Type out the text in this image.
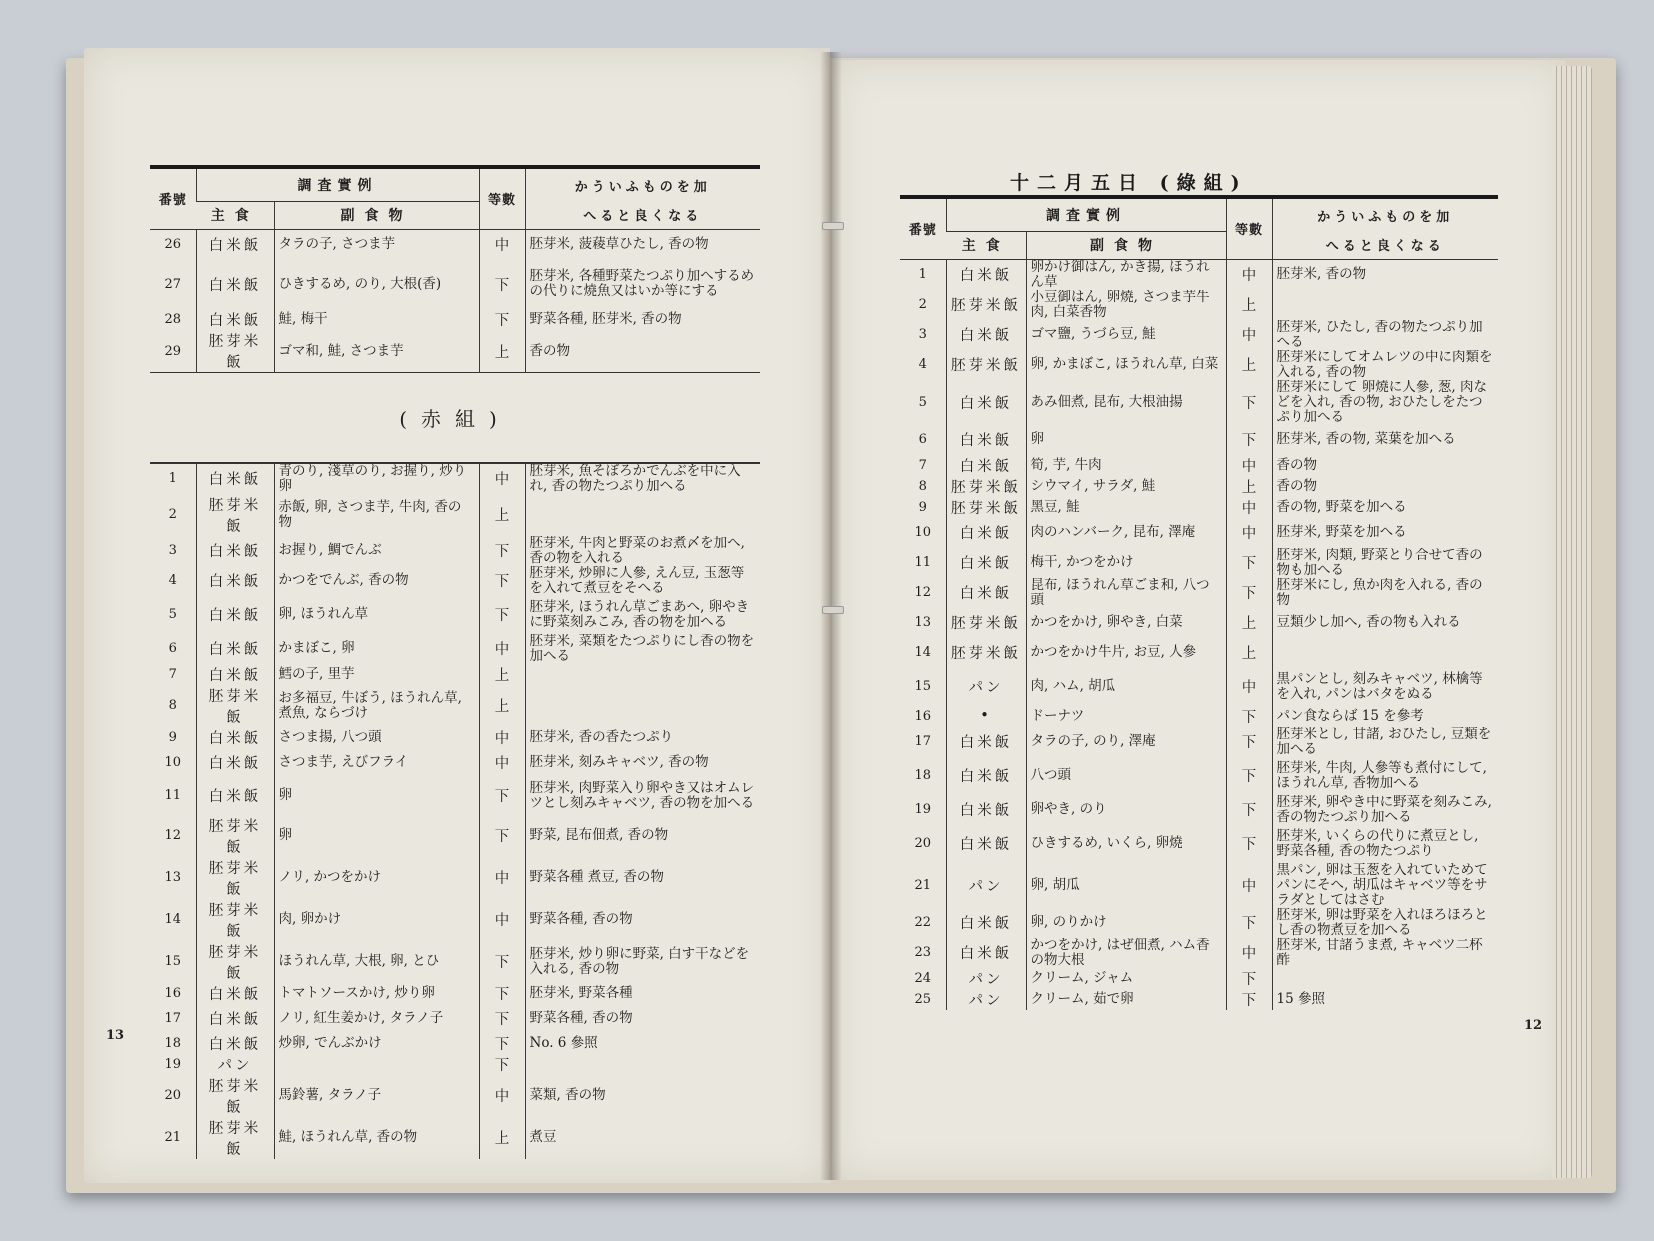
番號	調査實例		等數	かういふものを加
	主食	副食物		へると良くなる
26	白米飯	タラの子, さつま芋	中	胚芽米, 菠薐草ひたし, 香の物
27	白米飯	ひきするめ, のり, 大根(香)	下	胚芽米, 各種野菜たつぷり加へするめの代りに燒魚又はいか等にする
28	白米飯	鮭, 梅干	下	野菜各種, 胚芽米, 香の物
29	胚芽米飯	ゴマ和, 鮭, さつま芋	上	香の物
(赤組)				
1	白米飯	青のり, 淺草のり, お握り, 炒り卵	中	胚芽米, 魚そぼろかでんぶを中に入れ, 香の物たつぷり加へる
2	胚芽米飯	赤飯, 卵, さつま芋, 牛肉, 香の物	上	
3	白米飯	お握り, 鯛でんぶ	下	胚芽米, 牛肉と野菜のお煮〆を加へ, 香の物を入れる
4	白米飯	かつをでんぶ, 香の物	下	胚芽米, 炒卵に人參, えん豆, 玉葱等を入れて煮豆をそへる
5	白米飯	卵, ほうれん草	下	胚芽米, ほうれん草ごまあへ, 卵やきに野菜刻みこみ, 香の物を加へる
6	白米飯	かまぼこ, 卵	中	胚芽米, 菜類をたつぷりにし香の物を加へる
7	白米飯	鱈の子, 里芋	上	
8	胚芽米飯	お多福豆, 牛ぼう, ほうれん草, 煮魚, ならづけ	上	
9	白米飯	さつま揚, 八つ頭	中	胚芽米, 香の香たつぷり
10	白米飯	さつま芋, えびフライ	中	胚芽米, 刻みキャベツ, 香の物
11	白米飯	卵	下	胚芽米, 肉野菜入り卵やき又はオムレツとし刻みキャベツ, 香の物を加へる
12	胚芽米飯	卵	下	野菜, 昆布佃煮, 香の物
13	胚芽米飯	ノリ, かつをかけ	中	野菜各種 煮豆, 香の物
14	胚芽米飯	肉, 卵かけ	中	野菜各種, 香の物
15	胚芽米飯	ほうれん草, 大根, 卵, とひ	下	胚芽米, 炒り卵に野菜, 白す干などを入れる, 香の物
16	白米飯	トマトソースかけ, 炒り卵	下	胚芽米, 野菜各種
17	白米飯	ノリ, 紅生姜かけ, タラノ子	下	野菜各種, 香の物
18	白米飯	炒卵, でんぶかけ	下	No. 6 參照
19	パン		下	
20	胚芽米飯	馬鈴薯, タラノ子	中	菜類, 香の物
21	胚芽米飯	鮭, ほうれん草, 香の物	上	煮豆
13
十二月五日 (綠組)
番號	調査實例		等數	かういふものを加
	主食	副食物		へると良くなる
1	白米飯	卵かけ御はん, かき揚, ほうれん草	中	胚芽米, 香の物
2	胚芽米飯	小豆御はん, 卵燒, さつま芋牛肉, 白菜香物	上	
3	白米飯	ゴマ鹽, うづら豆, 鮭	中	胚芽米, ひたし, 香の物たつぷり加へる
4	胚芽米飯	卵, かまぼこ, ほうれん草, 白菜	上	胚芽米にしてオムレツの中に肉類を入れる, 香の物
5	白米飯	あみ佃煮, 昆布, 大根油揚	下	胚芽米にして 卵燒に人參, 葱, 肉などを入れ, 香の物, おひたしをたつぷり加へる
6	白米飯	卵	下	胚芽米, 香の物, 菜葉を加へる
7	白米飯	筍, 芋, 牛肉	中	香の物
8	胚芽米飯	シウマイ, サラダ, 鮭	上	香の物
9	胚芽米飯	黑豆, 鮭	中	香の物, 野菜を加へる
10	白米飯	肉のハンバーク, 昆布, 澤庵	中	胚芽米, 野菜を加へる
11	白米飯	梅干, かつをかけ	下	胚芽米, 肉類, 野菜とり合せて香の物も加へる
12	白米飯	昆布, ほうれん草ごま和, 八つ頭	下	胚芽米にし, 魚か肉を入れる, 香の物
13	胚芽米飯	かつをかけ, 卵やき, 白菜	上	豆類少し加へ, 香の物も入れる
14	胚芽米飯	かつをかけ牛片, お豆, 人參	上	
15	パン	肉, ハム, 胡瓜	中	黒パンとし, 刻みキャベツ, 林檎等を入れ, パンはバタをぬる
16	•	ドーナツ	下	パン食ならば 15 を參考
17	白米飯	タラの子, のり, 澤庵	下	胚芽米とし, 甘諸, おひたし, 豆類を加へる
18	白米飯	八つ頭	下	胚芽米, 牛肉, 人參等も煮付にして, ほうれん草, 香物加へる
19	白米飯	卵やき, のり	下	胚芽米, 卵やき中に野菜を刻みこみ, 香の物たつぷり加へる
20	白米飯	ひきするめ, いくら, 卵燒	下	胚芽米, いくらの代りに煮豆とし, 野菜各種, 香の物たつぷり
21	パン	卵, 胡瓜	中	黒パン, 卵は玉葱を入れていためてパンにそへ, 胡瓜はキャベツ等をサラダとしてはさむ
22	白米飯	卵, のりかけ	下	胚芽米, 卵は野菜を入れほろほろとし香の物煮豆を加へる
23	白米飯	かつをかけ, はぜ佃煮, ハム香の物大根	中	胚芽米, 甘諸うま煮, キャベツ二杯酢
24	パン	クリーム, ジャム	下	
25	パン	クリーム, 茹で卵	下	15 參照
12
